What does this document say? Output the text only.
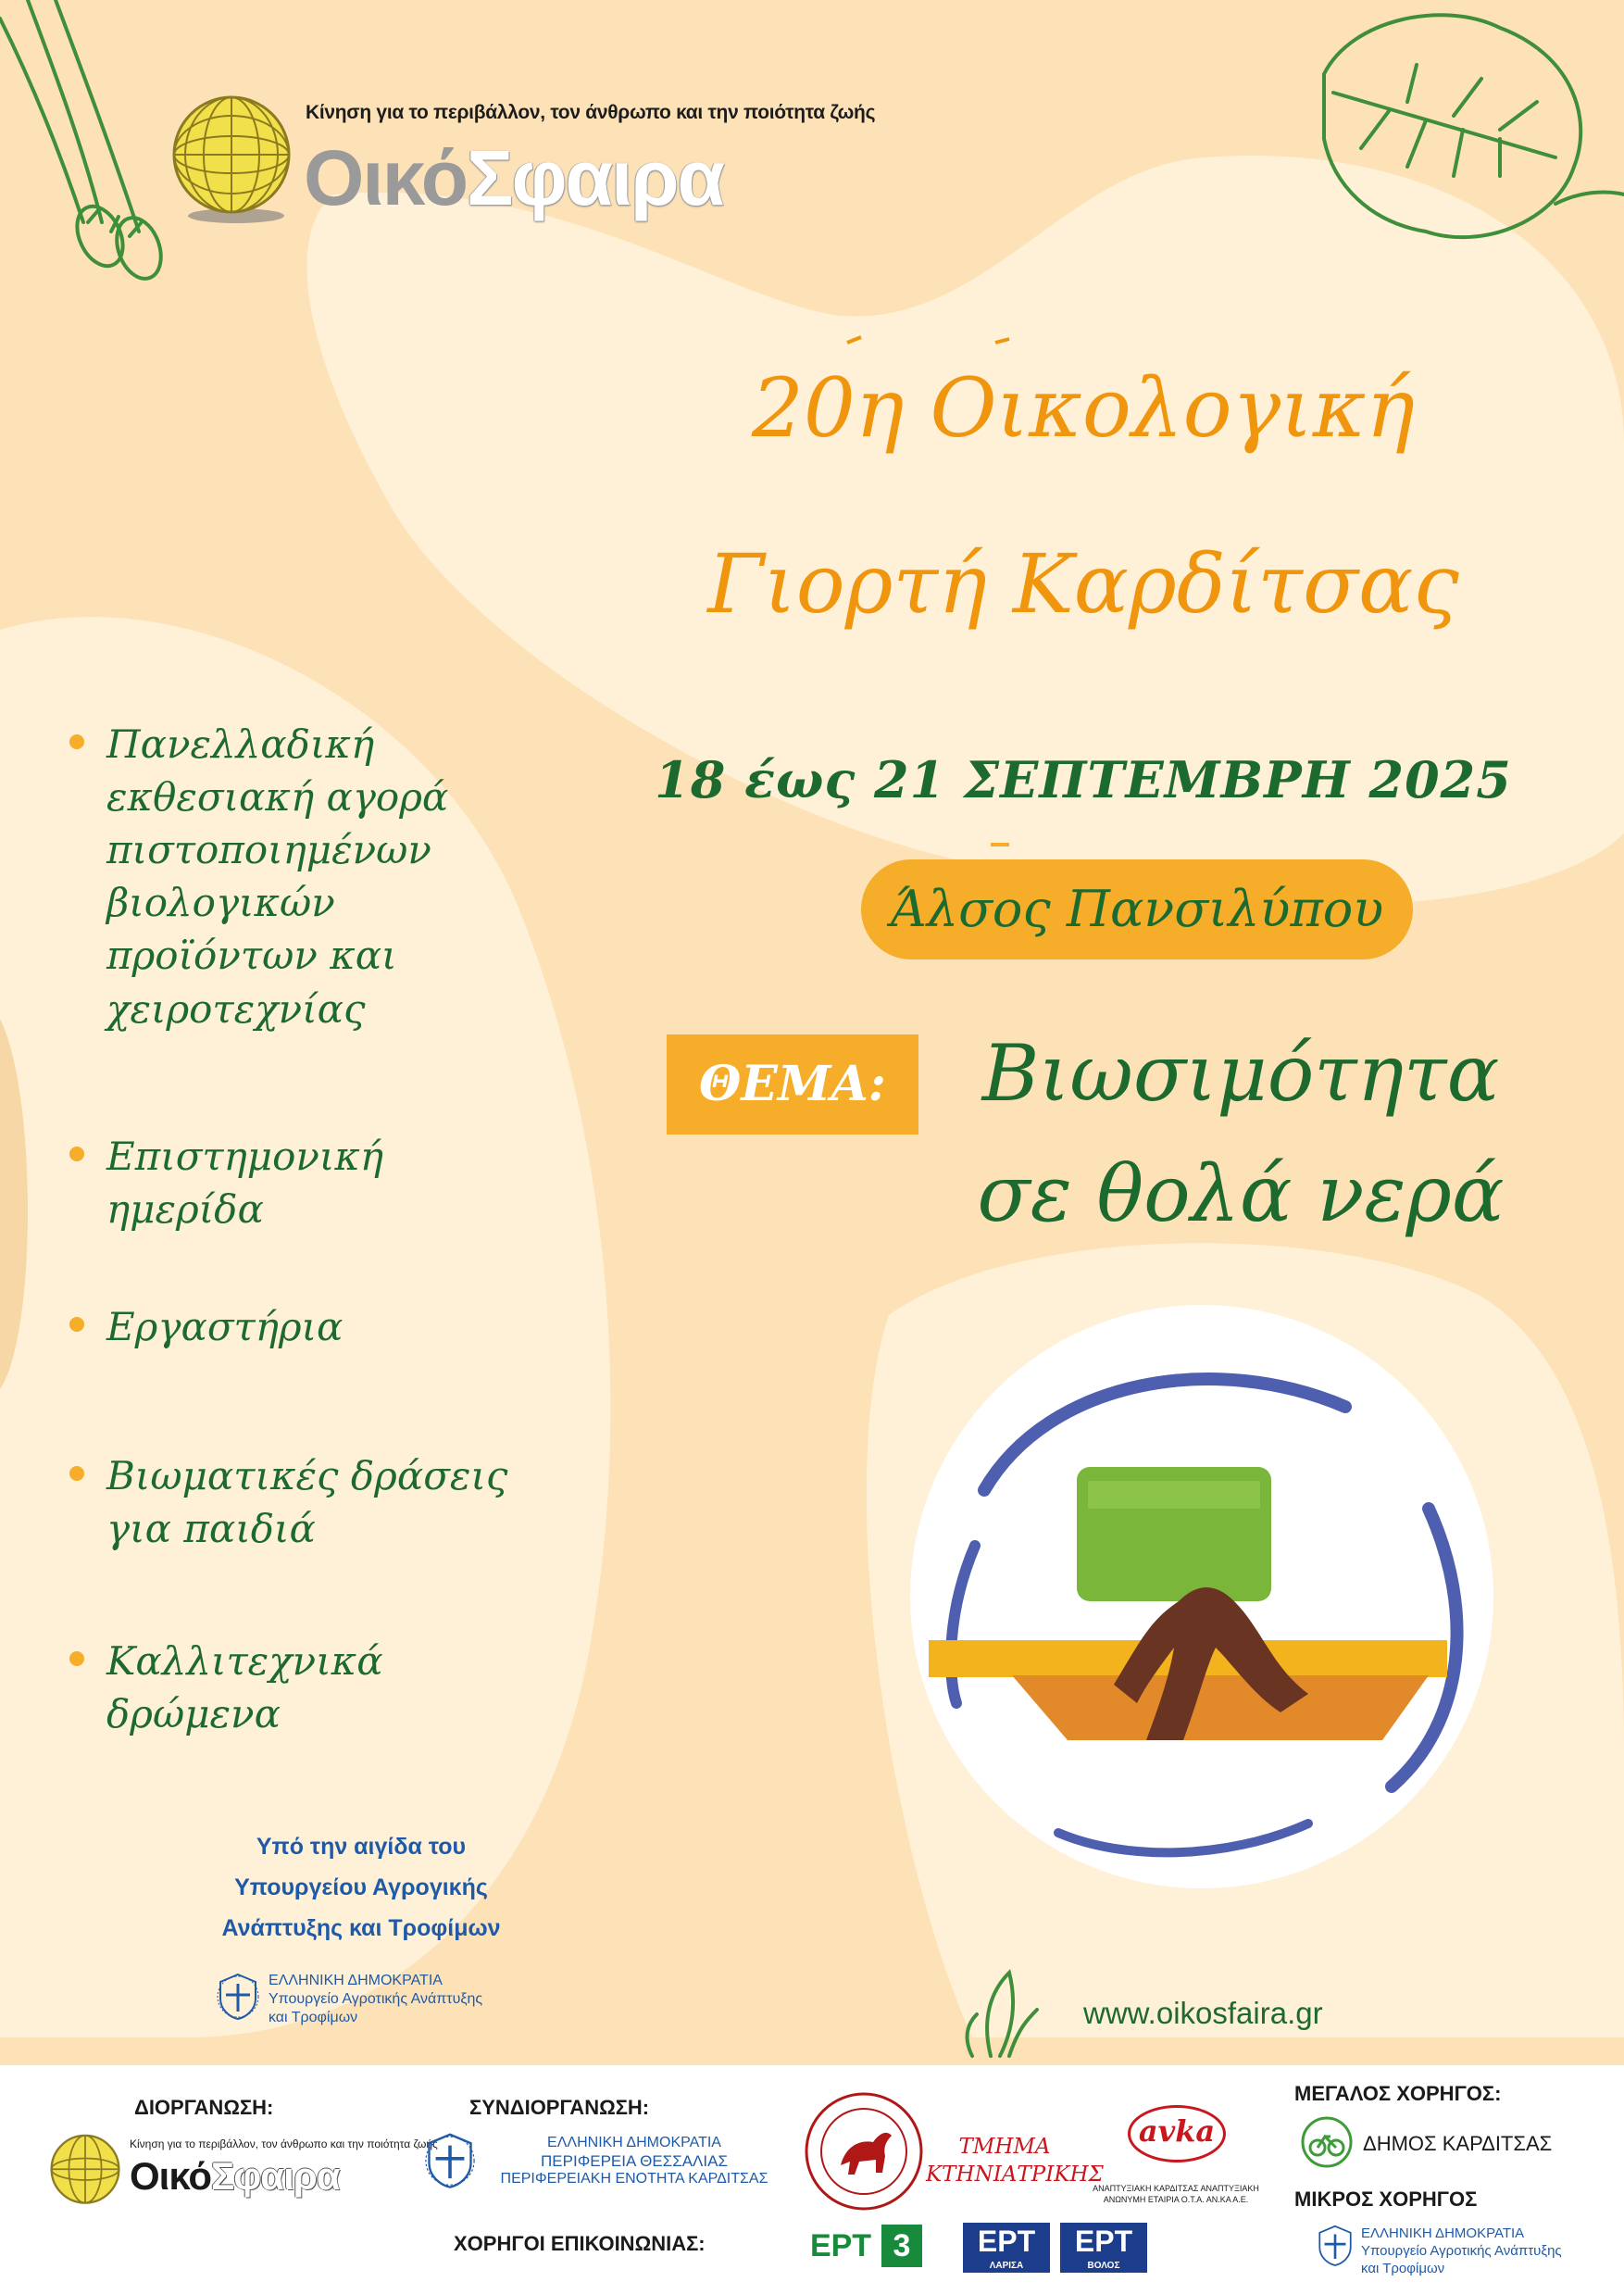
Κίνηση για το περιβάλλον, τον άνθρωπο και την ποιότητα ζωής
ΟικόΣφαιρα
20η Οικολογική
Γιορτή Καρδίτσας
18 έως 21 ΣΕΠΤΕΜΒΡΗ 2025
Άλσος Πανσιλύπου
ΘΕΜΑ:	Βιωσιμότητα
σε θολά νερά
Πανελλαδική
εκθεσιακή αγορά
πιστοποιημένων
βιολογικών
προϊόντων και
χειροτεχνίας
Επιστημονική
ημερίδα
Εργαστήρια
Βιωματικές δράσεις
για παιδιά
Καλλιτεχνικά
δρώμενα
Υπό την αιγίδα του
Υπουργείου Αγρογικής
Ανάπτυξης και Τροφίμων
ΕΛΛΗΝΙΚΗ ΔΗΜΟΚΡΑΤΙΑ
Υπουργείο Αγροτικής Ανάπτυξης
και Τροφίμων	www.oikosfaira.gr
ΔΙΟΡΓΑΝΩΣΗ:
Κίνηση για το περιβάλλον, τον άνθρωπο και την ποιότητα ζωής
ΟικόΣφαιρα
ΣΥΝΔΙΟΡΓΑΝΩΣΗ:
ΕΛΛΗΝΙΚΗ ΔΗΜΟΚΡΑΤΙΑ
ΠΕΡΙΦΕΡΕΙΑ ΘΕΣΣΑΛΙΑΣ
ΠΕΡΙΦΕΡΕΙΑΚΗ ΕΝΟΤΗΤΑ ΚΑΡΔΙΤΣΑΣ
ΤΜΗΜΑ
ΚΤΗΝΙΑΤΡΙΚΗΣ
avka
ΑΝΑΠΤΥΞΙΑΚΗ ΚΑΡΔΙΤΣΑΣ ΑΝΑΠΤΥΞΙΑΚΗ
ΑΝΩΝΥΜΗ ΕΤΑΙΡΙΑ Ο.Τ.Α. ΑΝ.ΚΑ Α.Ε.
ΧΟΡΗΓΟΙ ΕΠΙΚΟΙΝΩΝΙΑΣ:	ΕΡΤ 3	ΕΡΤ
ΛΑΡΙΣΑ
ΕΡΤ
ΒΟΛΟΣ
ΜΕΓΑΛΟΣ ΧΟΡΗΓΟΣ:
ΔΗΜΟΣ ΚΑΡΔΙΤΣΑΣ
ΜΙΚΡΟΣ ΧΟΡΗΓΟΣ
ΕΛΛΗΝΙΚΗ ΔΗΜΟΚΡΑΤΙΑ
Υπουργείο Αγροτικής Ανάπτυξης
και Τροφίμων
